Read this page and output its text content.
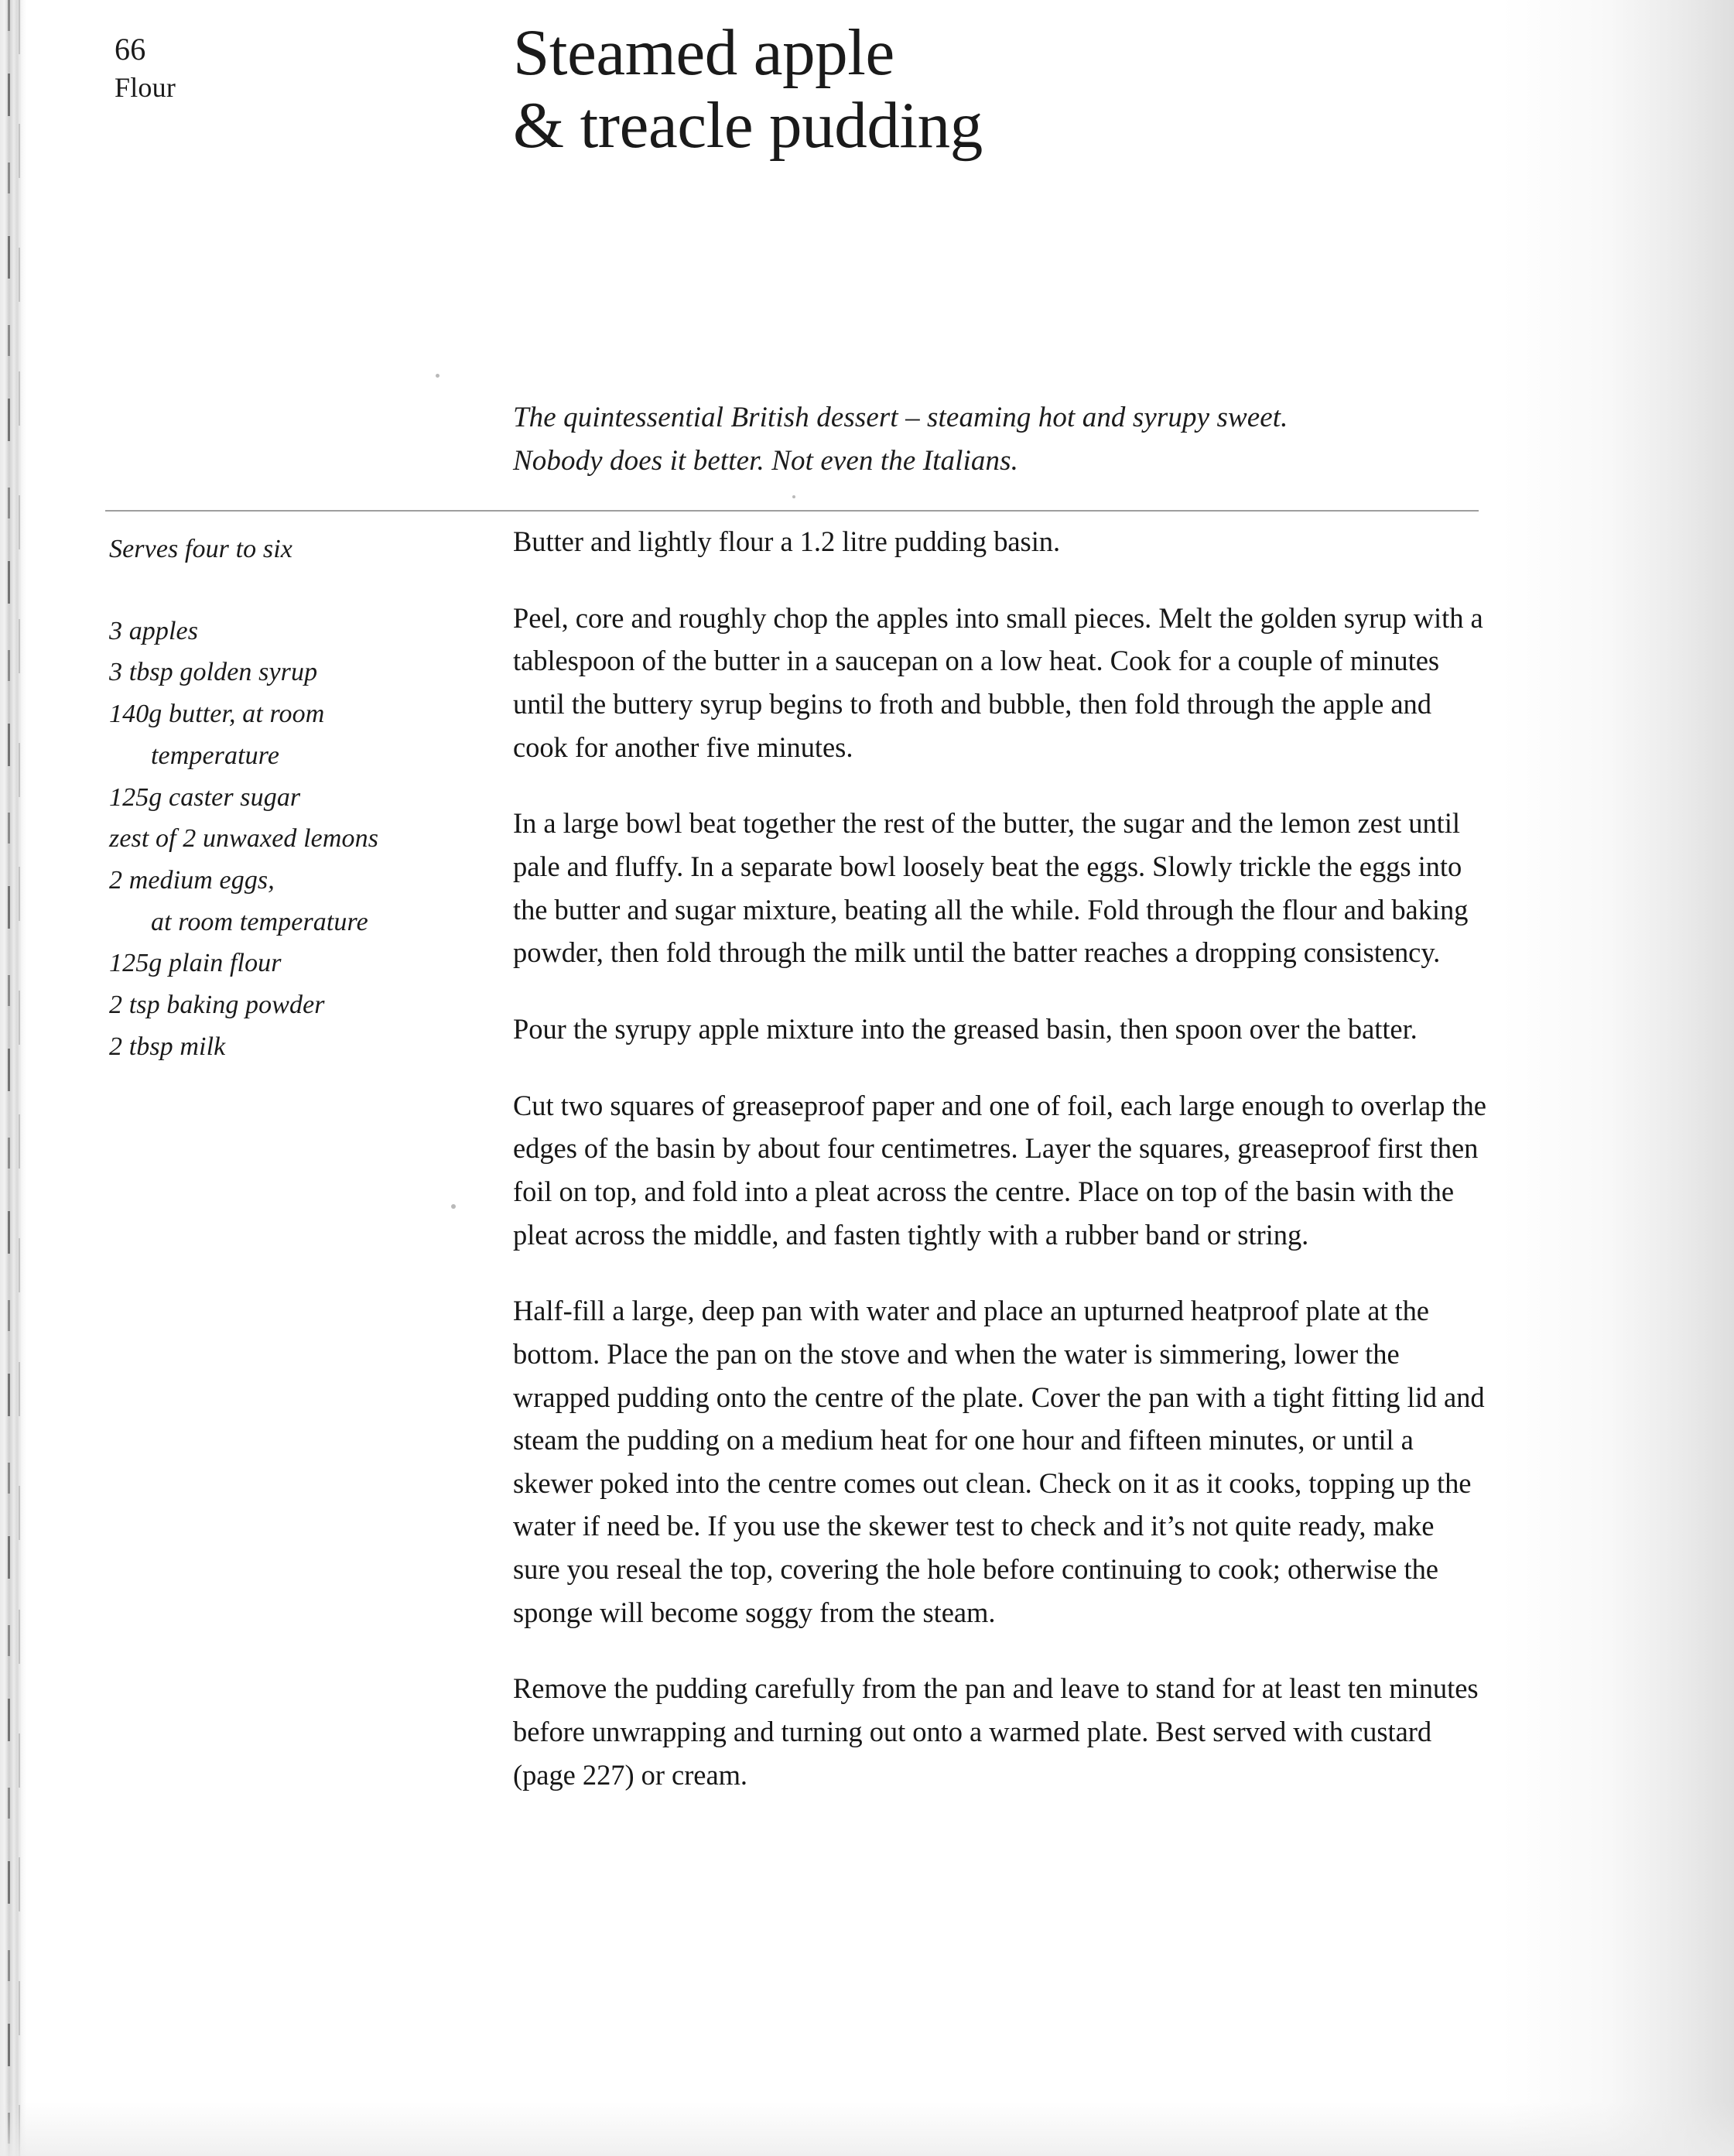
66
Flour	Steamed apple
& treacle pudding
The quintessential British dessert – steaming hot and syrupy sweet.
Nobody does it better. Not even the Italians.
Serves four to six
3 apples
3 tbsp golden syrup
140g butter, at room
temperature
125g caster sugar
zest of 2 unwaxed lemons
2 medium eggs,
at room temperature
125g plain flour
2 tsp baking powder
2 tbsp milk

Butter and lightly flour a 1.2 litre pudding basin.

Peel, core and roughly chop the apples into small pieces. Melt the golden syrup with a tablespoon of the butter in a saucepan on a low heat. Cook for a couple of minutes until the buttery syrup begins to froth and bubble, then fold through the apple and cook for another five minutes.

In a large bowl beat together the rest of the butter, the sugar and the lemon zest until pale and fluffy. In a separate bowl loosely beat the eggs. Slowly trickle the eggs into the butter and sugar mixture, beating all the while. Fold through the flour and baking powder, then fold through the milk until the batter reaches a dropping consistency.

Pour the syrupy apple mixture into the greased basin, then spoon over the batter.

Cut two squares of greaseproof paper and one of foil, each large enough to overlap the edges of the basin by about four centimetres. Layer the squares, greaseproof first then foil on top, and fold into a pleat across the centre. Place on top of the basin with the pleat across the middle, and fasten tightly with a rubber band or string.

Half-fill a large, deep pan with water and place an upturned heatproof plate at the bottom. Place the pan on the stove and when the water is simmering, lower the wrapped pudding onto the centre of the plate. Cover the pan with a tight fitting lid and steam the pudding on a medium heat for one hour and fifteen minutes, or until a skewer poked into the centre comes out clean. Check on it as it cooks, topping up the water if need be. If you use the skewer test to check and it’s not quite ready, make sure you reseal the top, covering the hole before continuing to cook; otherwise the sponge will become soggy from the steam.

Remove the pudding carefully from the pan and leave to stand for at least ten minutes before unwrapping and turning out onto a warmed plate. Best served with custard (page 227) or cream.
